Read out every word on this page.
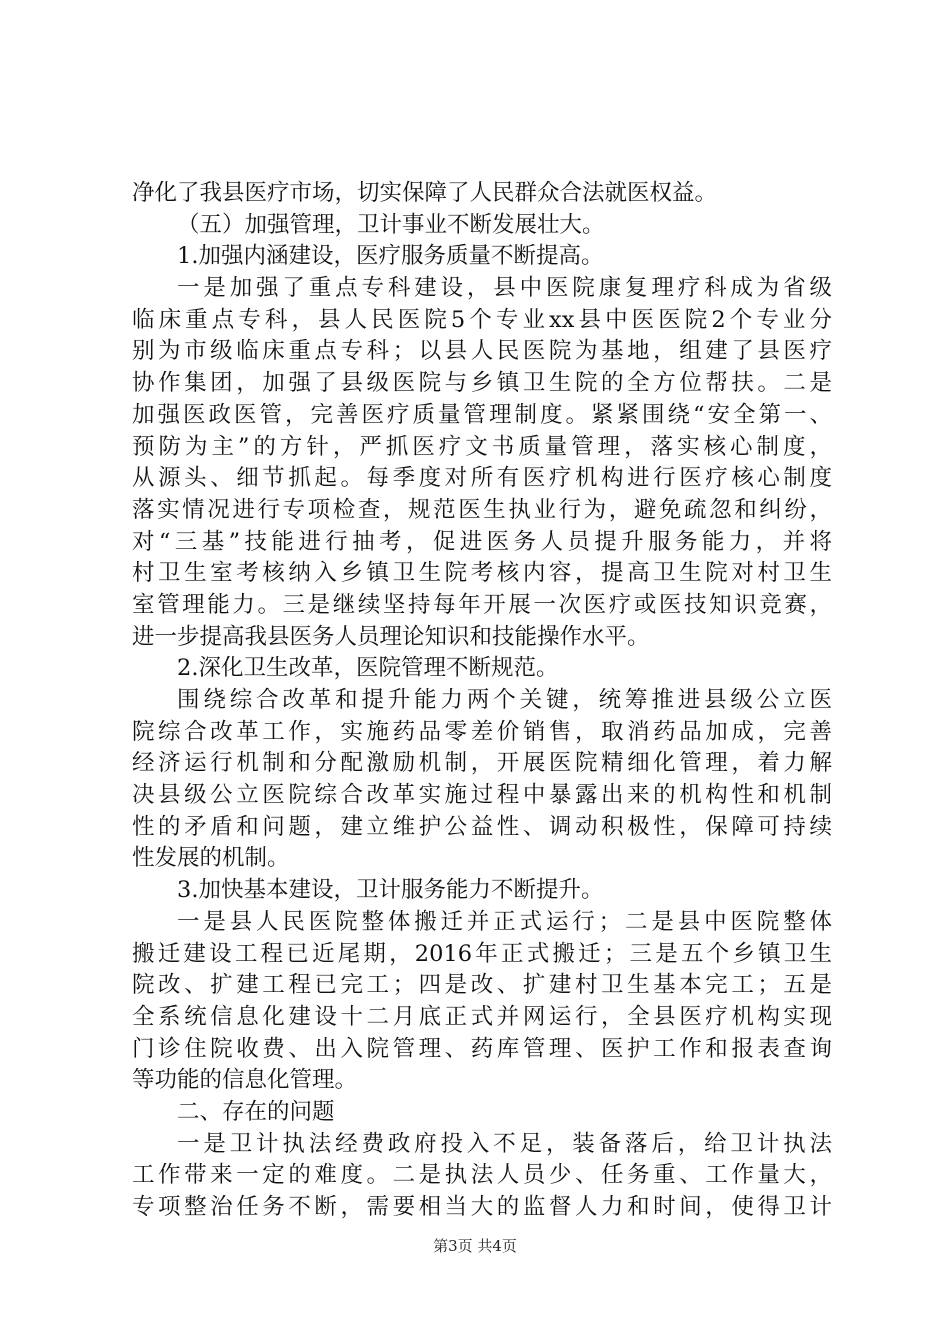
净化了我县医疗市场，切实保障了人民群众合法就医权益。
（五）加强管理，卫计事业不断发展壮大。
1.加强内涵建设，医疗服务质量不断提高。
一是加强了重点专科建设，县中医院康复理疗科成为省级
临床重点专科，县人民医院5个专业xx县中医医院2个专业分
别为市级临床重点专科；以县人民医院为基地，组建了县医疗
协作集团，加强了县级医院与乡镇卫生院的全方位帮扶。二是
加强医政医管，完善医疗质量管理制度。紧紧围绕“安全第一、
预防为主”的方针，严抓医疗文书质量管理，落实核心制度，
从源头、细节抓起。每季度对所有医疗机构进行医疗核心制度
落实情况进行专项检查，规范医生执业行为，避免疏忽和纠纷，
对“三基”技能进行抽考，促进医务人员提升服务能力，并将
村卫生室考核纳入乡镇卫生院考核内容，提高卫生院对村卫生
室管理能力。三是继续坚持每年开展一次医疗或医技知识竞赛，
进一步提高我县医务人员理论知识和技能操作水平。
2.深化卫生改革，医院管理不断规范。
围绕综合改革和提升能力两个关键，统筹推进县级公立医
院综合改革工作，实施药品零差价销售，取消药品加成，完善
经济运行机制和分配激励机制，开展医院精细化管理，着力解
决县级公立医院综合改革实施过程中暴露出来的机构性和机制
性的矛盾和问题，建立维护公益性、调动积极性，保障可持续
性发展的机制。
3.加快基本建设，卫计服务能力不断提升。
一是县人民医院整体搬迁并正式运行；二是县中医院整体
搬迁建设工程已近尾期，2016年正式搬迁；三是五个乡镇卫生
院改、扩建工程已完工；四是改、扩建村卫生基本完工；五是
全系统信息化建设十二月底正式并网运行，全县医疗机构实现
门诊住院收费、出入院管理、药库管理、医护工作和报表查询
等功能的信息化管理。
二、存在的问题
一是卫计执法经费政府投入不足，装备落后，给卫计执法
工作带来一定的难度。二是执法人员少、任务重、工作量大，
专项整治任务不断，需要相当大的监督人力和时间，使得卫计
第3页 共4页
